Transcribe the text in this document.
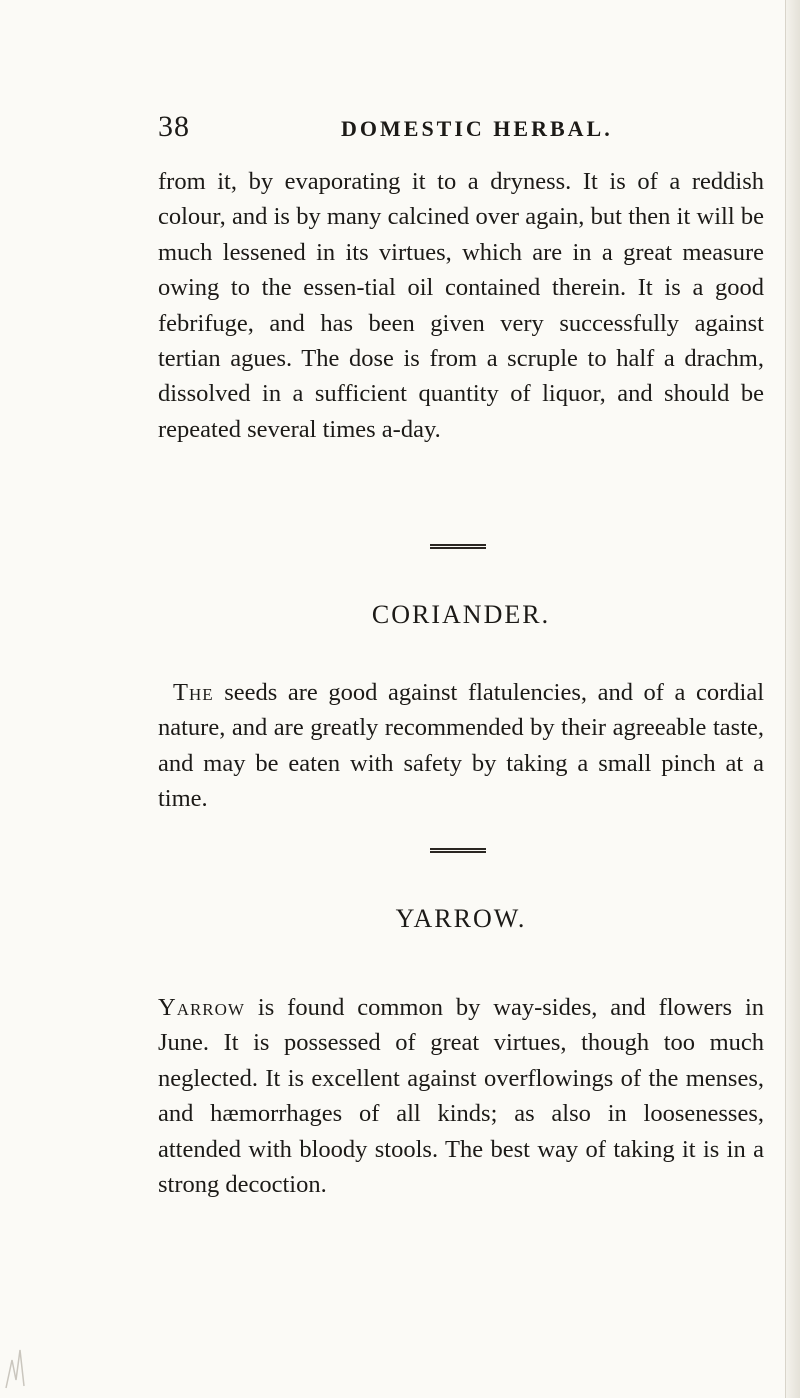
38	DOMESTIC HERBAL.

from it, by evaporating it to a dryness. It is of a reddish colour, and is by many calcined over again, but then it will be much lessened in its virtues, which are in a great measure owing to the essen-tial oil contained therein. It is a good febrifuge, and has been given very successfully against tertian agues. The dose is from a scruple to half a drachm, dissolved in a sufficient quantity of liquor, and should be repeated several times a-day.

CORIANDER.

The seeds are good against flatulencies, and of a cordial nature, and are greatly recommended by their agreeable taste, and may be eaten with safety by taking a small pinch at a time.

YARROW.

Yarrow is found common by way-sides, and flowers in June. It is possessed of great virtues, though too much neglected. It is excellent against overflowings of the menses, and hæmorrhages of all kinds; as also in loosenesses, attended with bloody stools. The best way of taking it is in a strong decoction.
